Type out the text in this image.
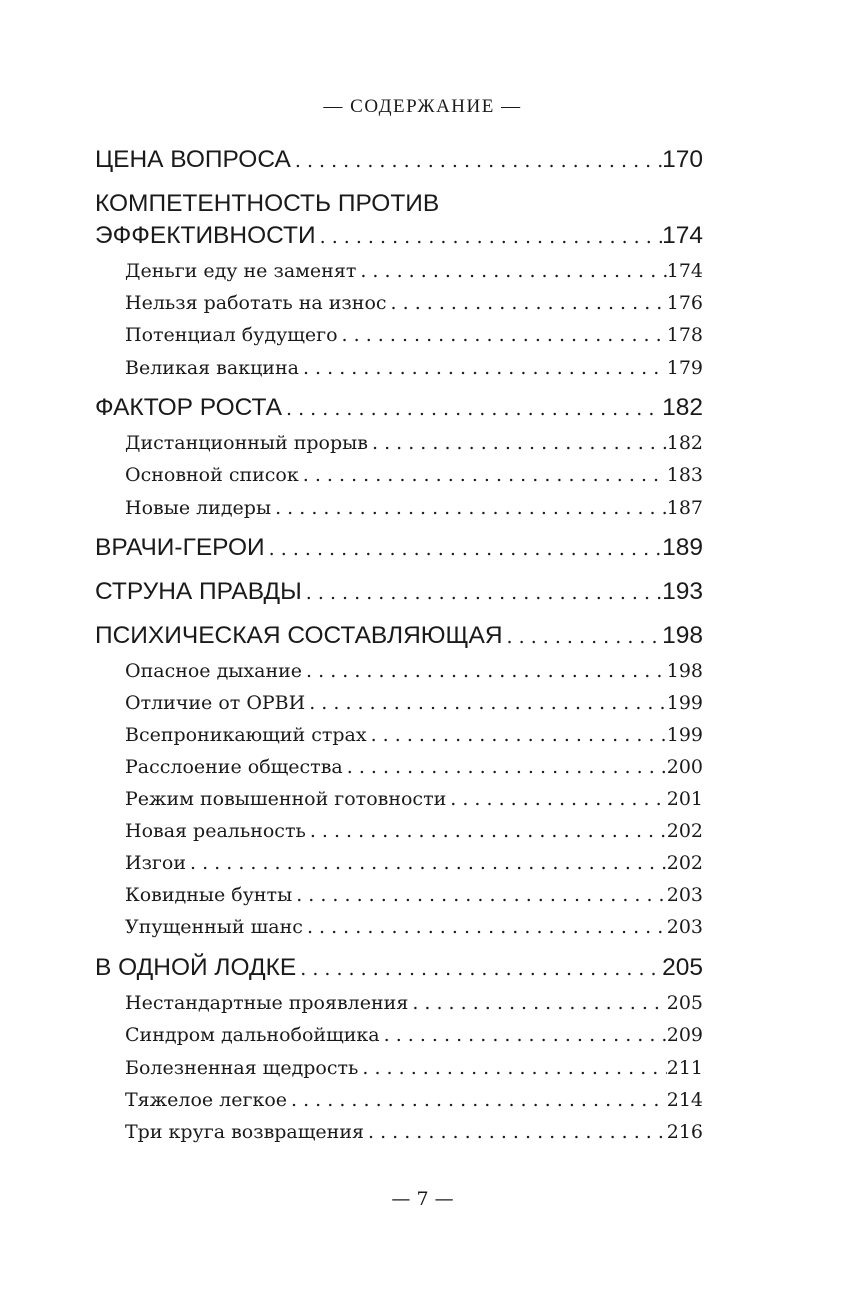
— СОДЕРЖАНИЕ —
ЦЕНА ВОПРОСА . . .	170
КОМПЕТЕНТНОСТЬ ПРОТИВ
ЭФФЕКТИВНОСТИ . . .	174
Деньги еду не заменят . . .	174
Нельзя работать на износ . . .	176
Потенциал будущего . . .	178
Великая вакцина . . .	179
ФАКТОР РОСТА . . .	182
Дистанционный прорыв . . .	182
Основной список . . .	183
Новые лидеры . . .	187
ВРАЧИ-ГЕРОИ . . .	189
СТРУНА ПРАВДЫ . . .	193
ПСИХИЧЕСКАЯ СОСТАВЛЯЮЩАЯ . . .	198
Опасное дыхание . . .	198
Отличие от ОРВИ . . .	199
Всепроникающий страх . . .	199
Расслоение общества . . .	200
Режим повышенной готовности . . .	201
Новая реальность . . .	202
Изгои . . .	202
Ковидные бунты . . .	203
Упущенный шанс . . .	203
В ОДНОЙ ЛОДКЕ . . .	205
Нестандартные проявления . . .	205
Синдром дальнобойщика . . .	209
Болезненная щедрость . . .	211
Тяжелое легкое . . .	214
Три круга возвращения . . .	216
— 7 —
